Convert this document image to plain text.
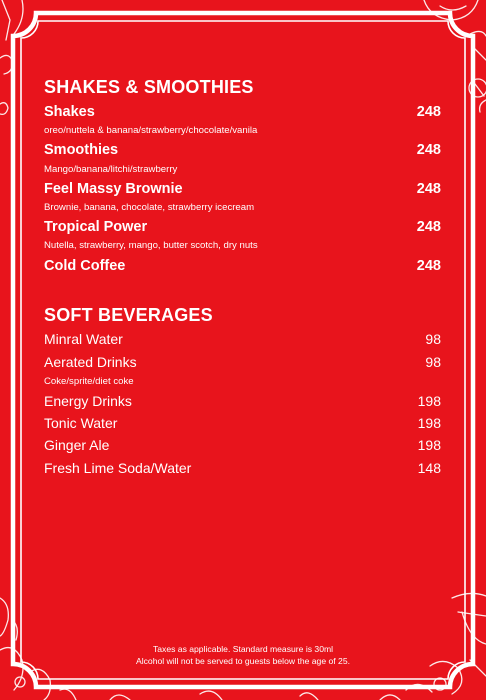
SHAKES & SMOOTHIES
Shakes	248
oreo/nuttela & banana/strawberry/chocolate/vanila
Smoothies	248
Mango/banana/litchi/strawberry
Feel Massy Brownie	248
Brownie, banana, chocolate, strawberry icecream
Tropical Power	248
Nutella, strawberry, mango, butter scotch, dry nuts
Cold Coffee	248
SOFT BEVERAGES
Minral Water	98
Aerated Drinks	98
Coke/sprite/diet coke
Energy Drinks	198
Tonic Water	198
Ginger Ale	198
Fresh Lime Soda/Water	148
Taxes as applicable. Standard measure is 30ml
Alcohol will not be served to guests below the age of 25.
